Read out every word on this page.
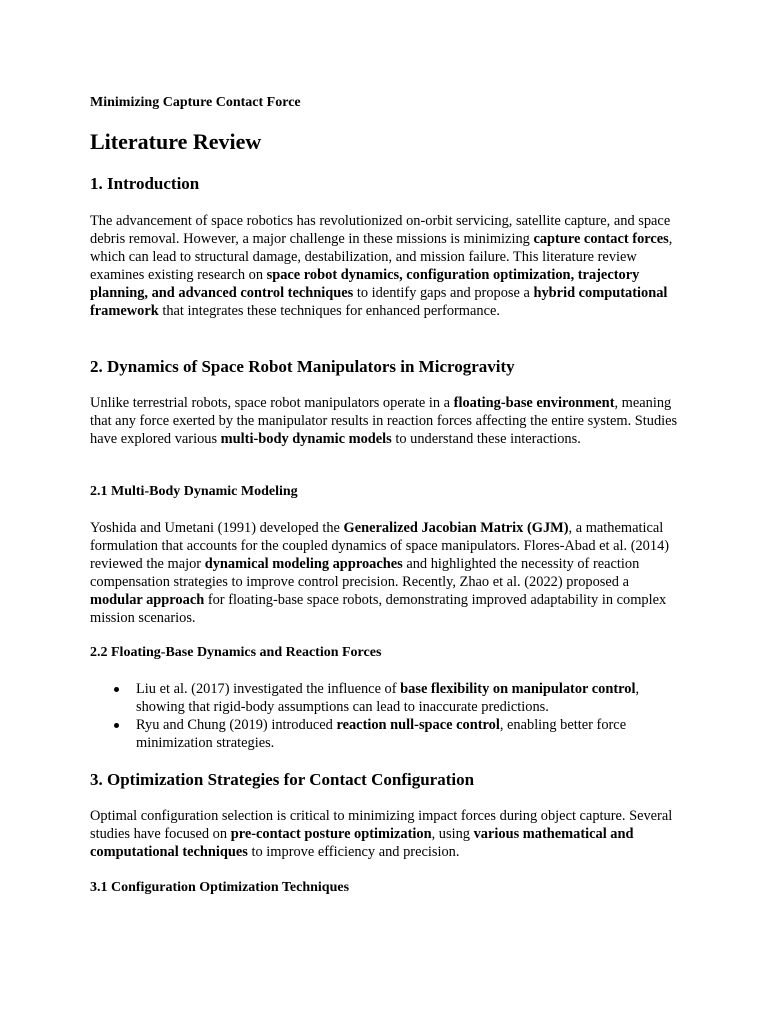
Minimizing Capture Contact Force

Literature Review
1. Introduction

The advancement of space robotics has revolutionized on-orbit servicing, satellite capture, and space debris removal. However, a major challenge in these missions is minimizing capture contact forces, which can lead to structural damage, destabilization, and mission failure. This literature review examines existing research on space robot dynamics, configuration optimization, trajectory planning, and advanced control techniques to identify gaps and propose a hybrid computational framework that integrates these techniques for enhanced performance.

2. Dynamics of Space Robot Manipulators in Microgravity

Unlike terrestrial robots, space robot manipulators operate in a floating-base environment, meaning that any force exerted by the manipulator results in reaction forces affecting the entire system. Studies have explored various multi-body dynamic models to understand these interactions.

2.1 Multi-Body Dynamic Modeling

Yoshida and Umetani (1991) developed the Generalized Jacobian Matrix (GJM), a mathematical formulation that accounts for the coupled dynamics of space manipulators. Flores-Abad et al. (2014) reviewed the major dynamical modeling approaches and highlighted the necessity of reaction compensation strategies to improve control precision. Recently, Zhao et al. (2022) proposed a modular approach for floating-base space robots, demonstrating improved adaptability in complex mission scenarios.

2.2 Floating-Base Dynamics and Reaction Forces
Liu et al. (2017) investigated the influence of base flexibility on manipulator control, showing that rigid-body assumptions can lead to inaccurate predictions.
Ryu and Chung (2019) introduced reaction null-space control, enabling better force minimization strategies.
3. Optimization Strategies for Contact Configuration

Optimal configuration selection is critical to minimizing impact forces during object capture. Several studies have focused on pre-contact posture optimization, using various mathematical and computational techniques to improve efficiency and precision.

3.1 Configuration Optimization Techniques
